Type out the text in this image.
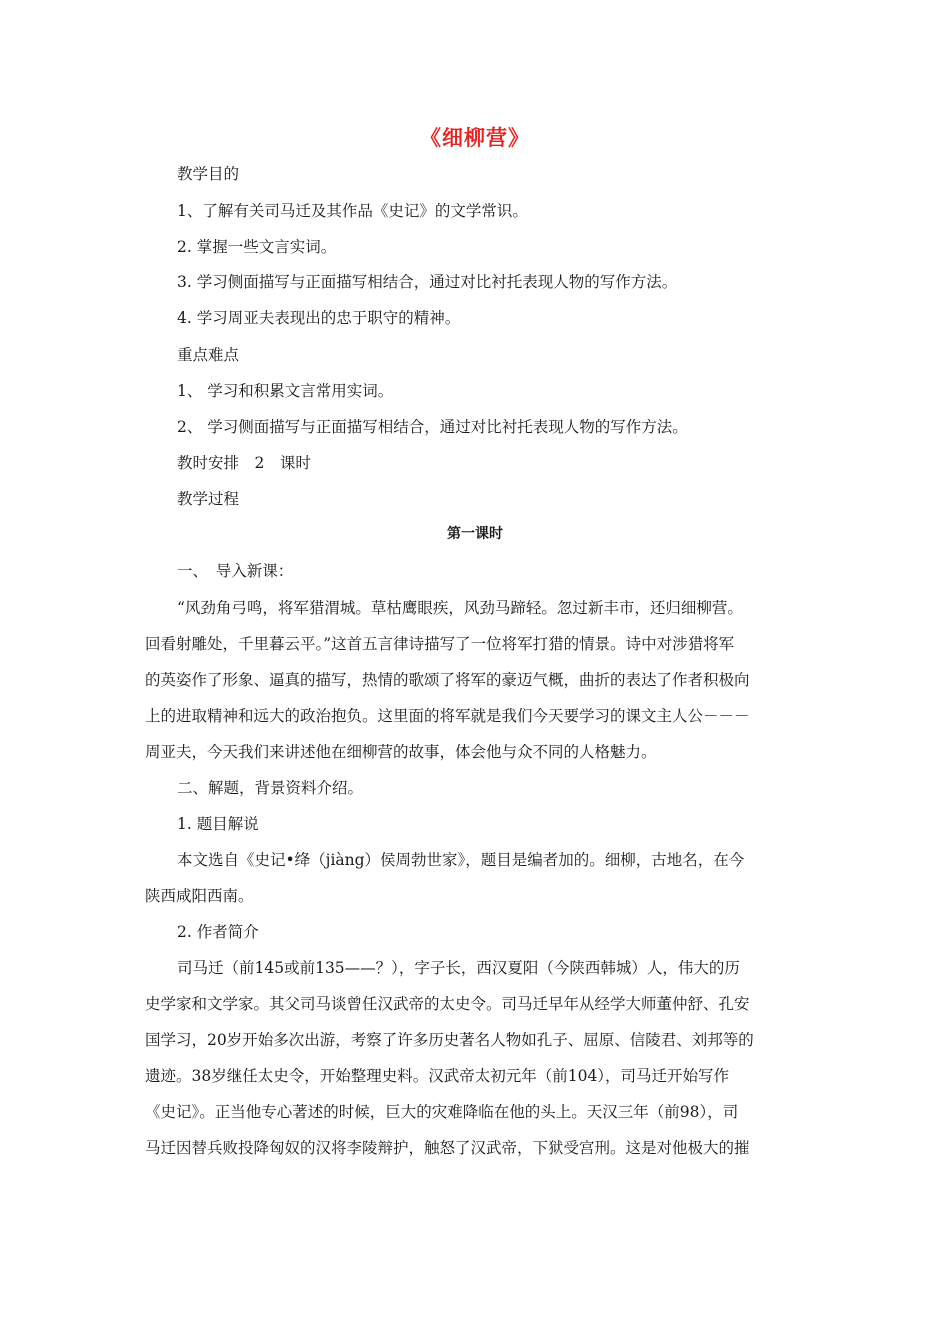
《细柳营》
教学目的
1、了解有关司马迁及其作品《史记》的文学常识。
2. 掌握一些文言实词。
3. 学习侧面描写与正面描写相结合，通过对比衬托表现人物的写作方法。
4. 学习周亚夫表现出的忠于职守的精神。
重点难点
1、 学习和积累文言常用实词。
2、 学习侧面描写与正面描写相结合，通过对比衬托表现人物的写作方法。
教时安排　2　课时
教学过程
第一课时
一、　导入新课：
“风劲角弓鸣，将军猎渭城。草枯鹰眼疾，风劲马蹄轻。忽过新丰市，还归细柳营。
回看射雕处，千里暮云平。”这首五言律诗描写了一位将军打猎的情景。诗中对涉猎将军
的英姿作了形象、逼真的描写，热情的歌颂了将军的豪迈气概，曲折的表达了作者积极向
上的进取精神和远大的政治抱负。这里面的将军就是我们今天要学习的课文主人公－－－
周亚夫，今天我们来讲述他在细柳营的故事，体会他与众不同的人格魅力。
二、解题，背景资料介绍。
1. 题目解说
本文选自《史记•绛（jiàng）侯周勃世家》，题目是编者加的。细柳，古地名，在今
陕西咸阳西南。
2. 作者简介
司马迁（前145或前135——？），字子长，西汉夏阳（今陕西韩城）人，伟大的历
史学家和文学家。其父司马谈曾任汉武帝的太史令。司马迁早年从经学大师董仲舒、孔安
国学习，20岁开始多次出游，考察了许多历史著名人物如孔子、屈原、信陵君、刘邦等的
遗迹。38岁继任太史令，开始整理史料。汉武帝太初元年（前104），司马迁开始写作
《史记》。正当他专心著述的时候，巨大的灾难降临在他的头上。天汉三年（前98），司
马迁因替兵败投降匈奴的汉将李陵辩护，触怒了汉武帝，下狱受宫刑。这是对他极大的摧
